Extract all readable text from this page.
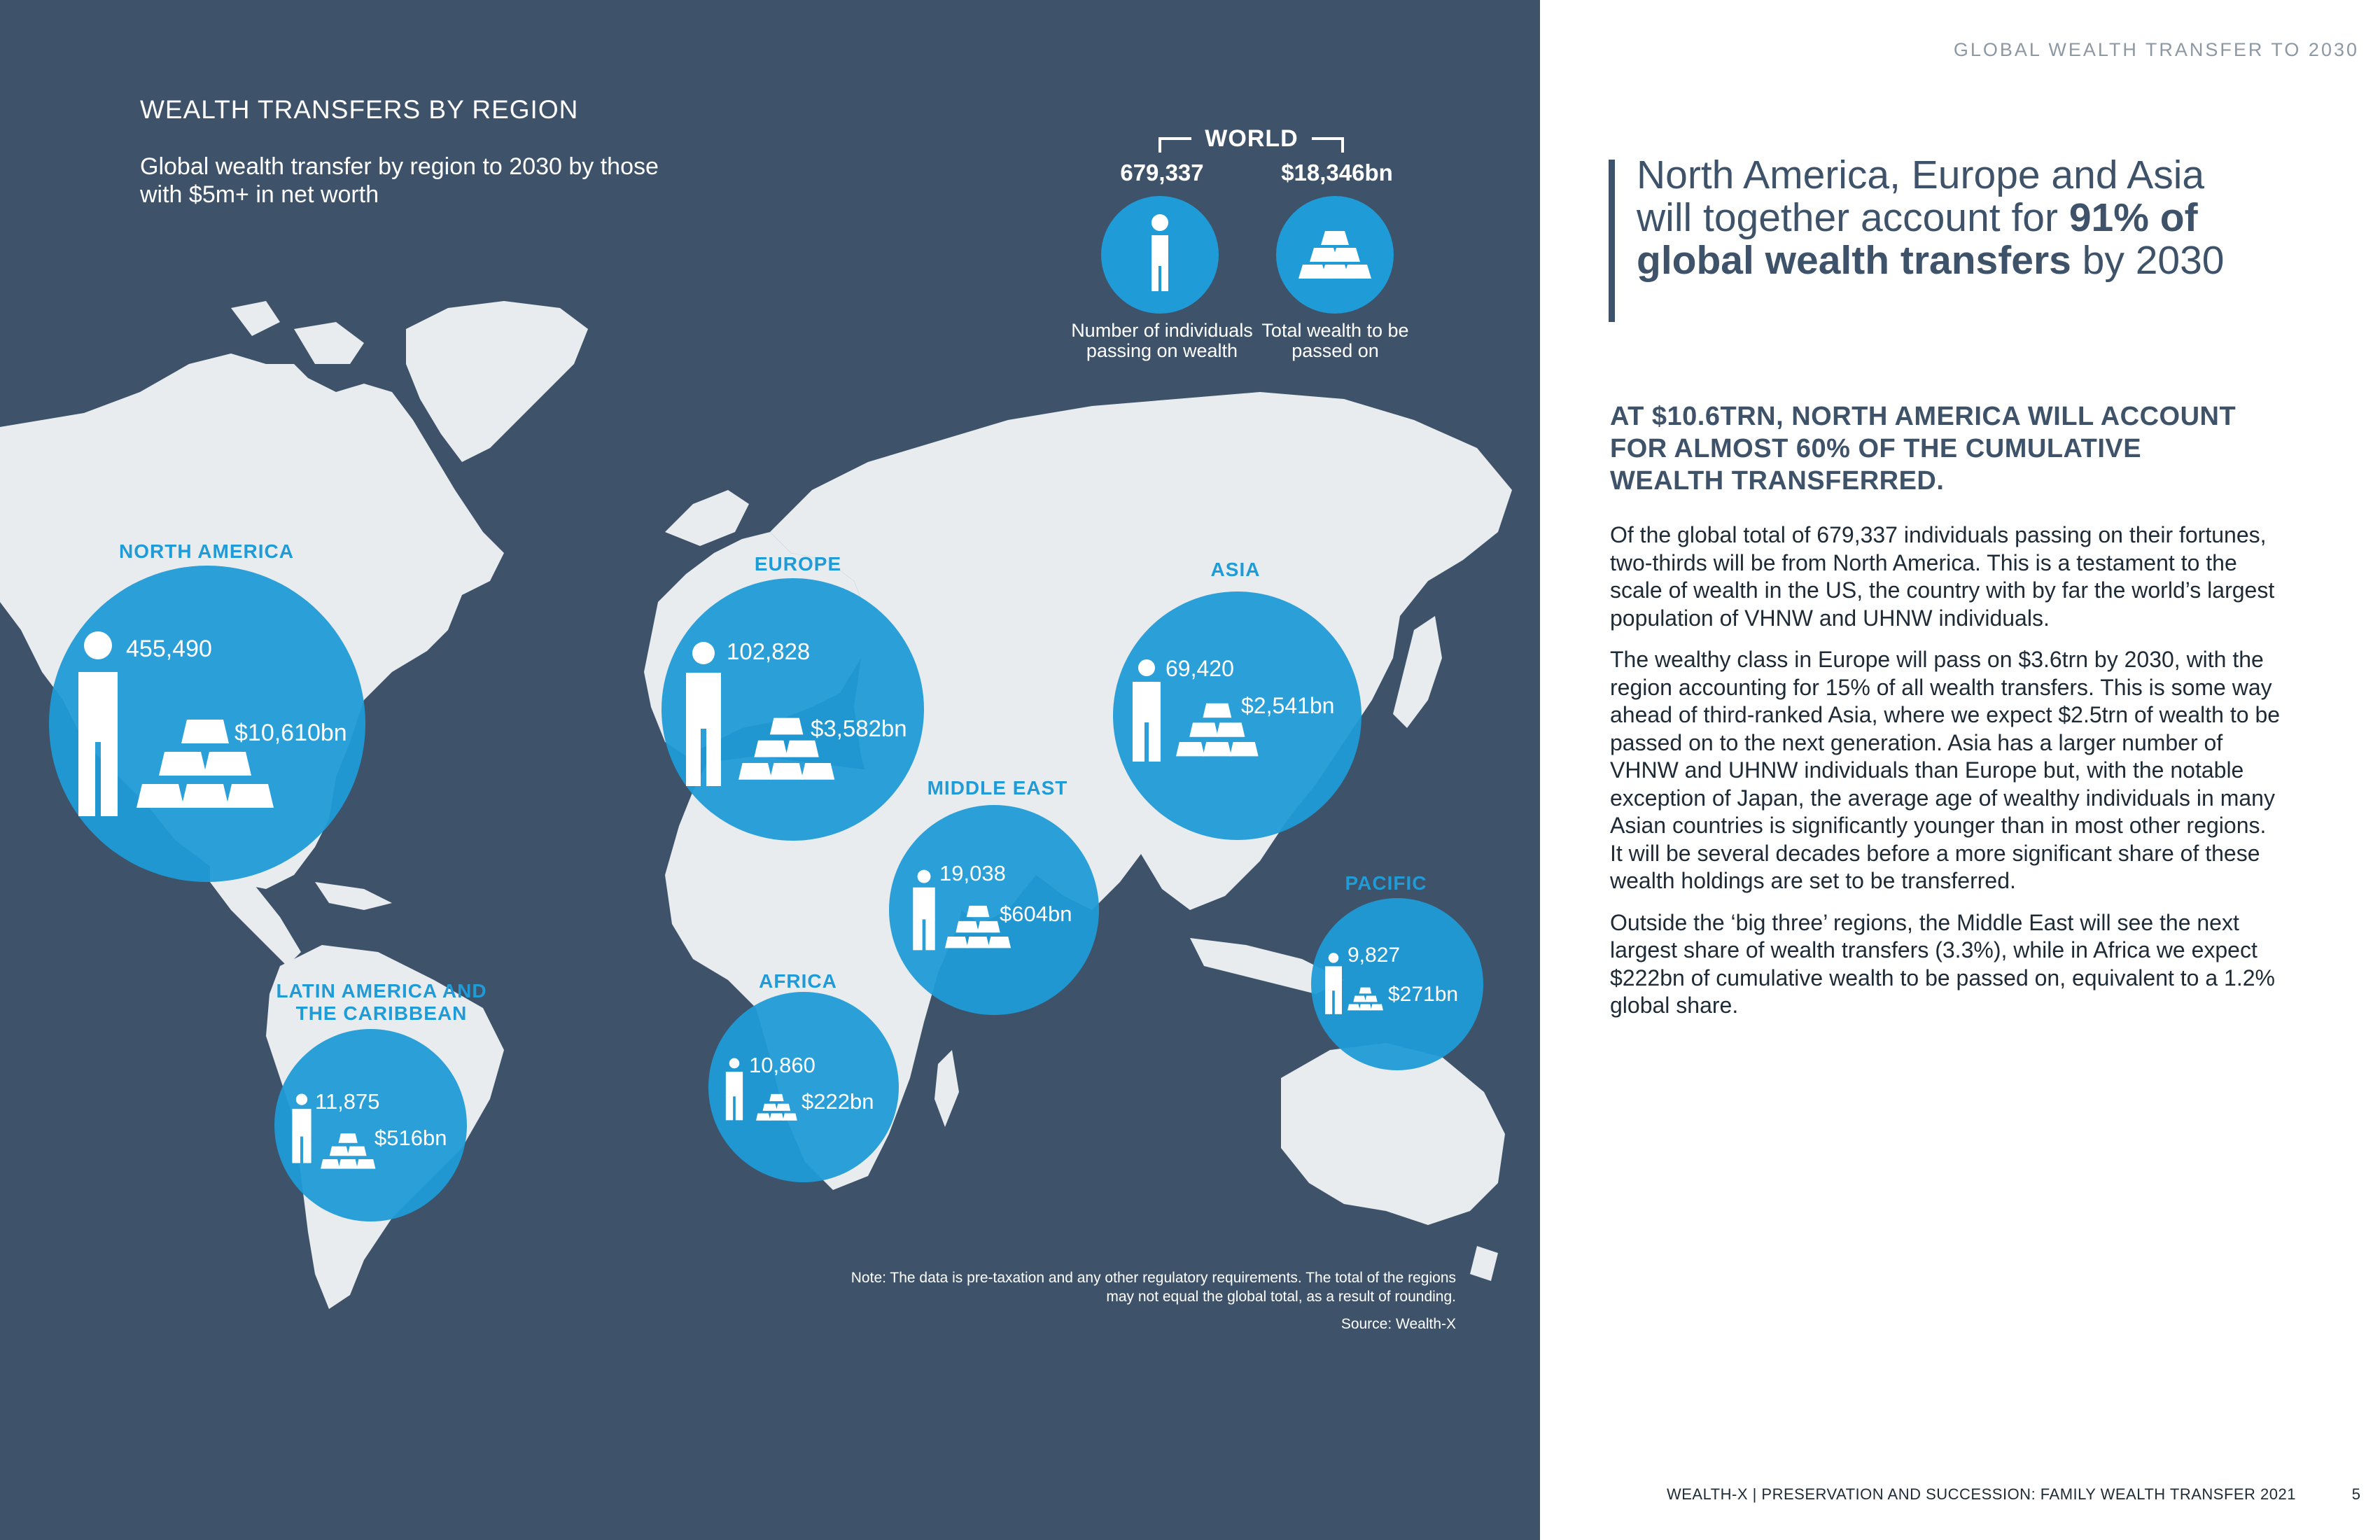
WEALTH TRANSFERS BY REGION
Global wealth transfer by region to 2030 by those with $5m+ in net worth
WORLD
679,337	$18,346bn
Number of individuals passing on wealth
Total wealth to be passed on
NORTH AMERICA
455,490
$10,610bn
EUROPE
102,828
$3,582bn
ASIA
69,420
$2,541bn
MIDDLE EAST
19,038
$604bn
PACIFIC
9,827
$271bn
LATIN AMERICA AND THE CARIBBEAN
11,875
$516bn
AFRICA
10,860
$222bn
Note: The data is pre-taxation and any other regulatory requirements. The total of the regions may not equal the global total, as a result of rounding.
Source: Wealth-X
GLOBAL WEALTH TRANSFER TO 2030
North America, Europe and Asia will together account for 91% of global wealth transfers by 2030
AT $10.6TRN, NORTH AMERICA WILL ACCOUNT FOR ALMOST 60% OF THE CUMULATIVE WEALTH TRANSFERRED.

Of the global total of 679,337 individuals passing on their fortunes, two-thirds will be from North America. This is a testament to the scale of wealth in the US, the country with by far the world’s largest population of VHNW and UHNW individuals.

The wealthy class in Europe will pass on $3.6trn by 2030, with the region accounting for 15% of all wealth transfers. This is some way ahead of third-ranked Asia, where we expect $2.5trn of wealth to be passed on to the next generation. Asia has a larger number of VHNW and UHNW individuals than Europe but, with the notable exception of Japan, the average age of wealthy individuals in many Asian countries is significantly younger than in most other regions. It will be several decades before a more significant share of these wealth holdings are set to be transferred.

Outside the ‘big three’ regions, the Middle East will see the next largest share of wealth transfers (3.3%), while in Africa we expect $222bn of cumulative wealth to be passed on, equivalent to a 1.2% global share.

WEALTH-X | PRESERVATION AND SUCCESSION: FAMILY WEALTH TRANSFER 2021	5
